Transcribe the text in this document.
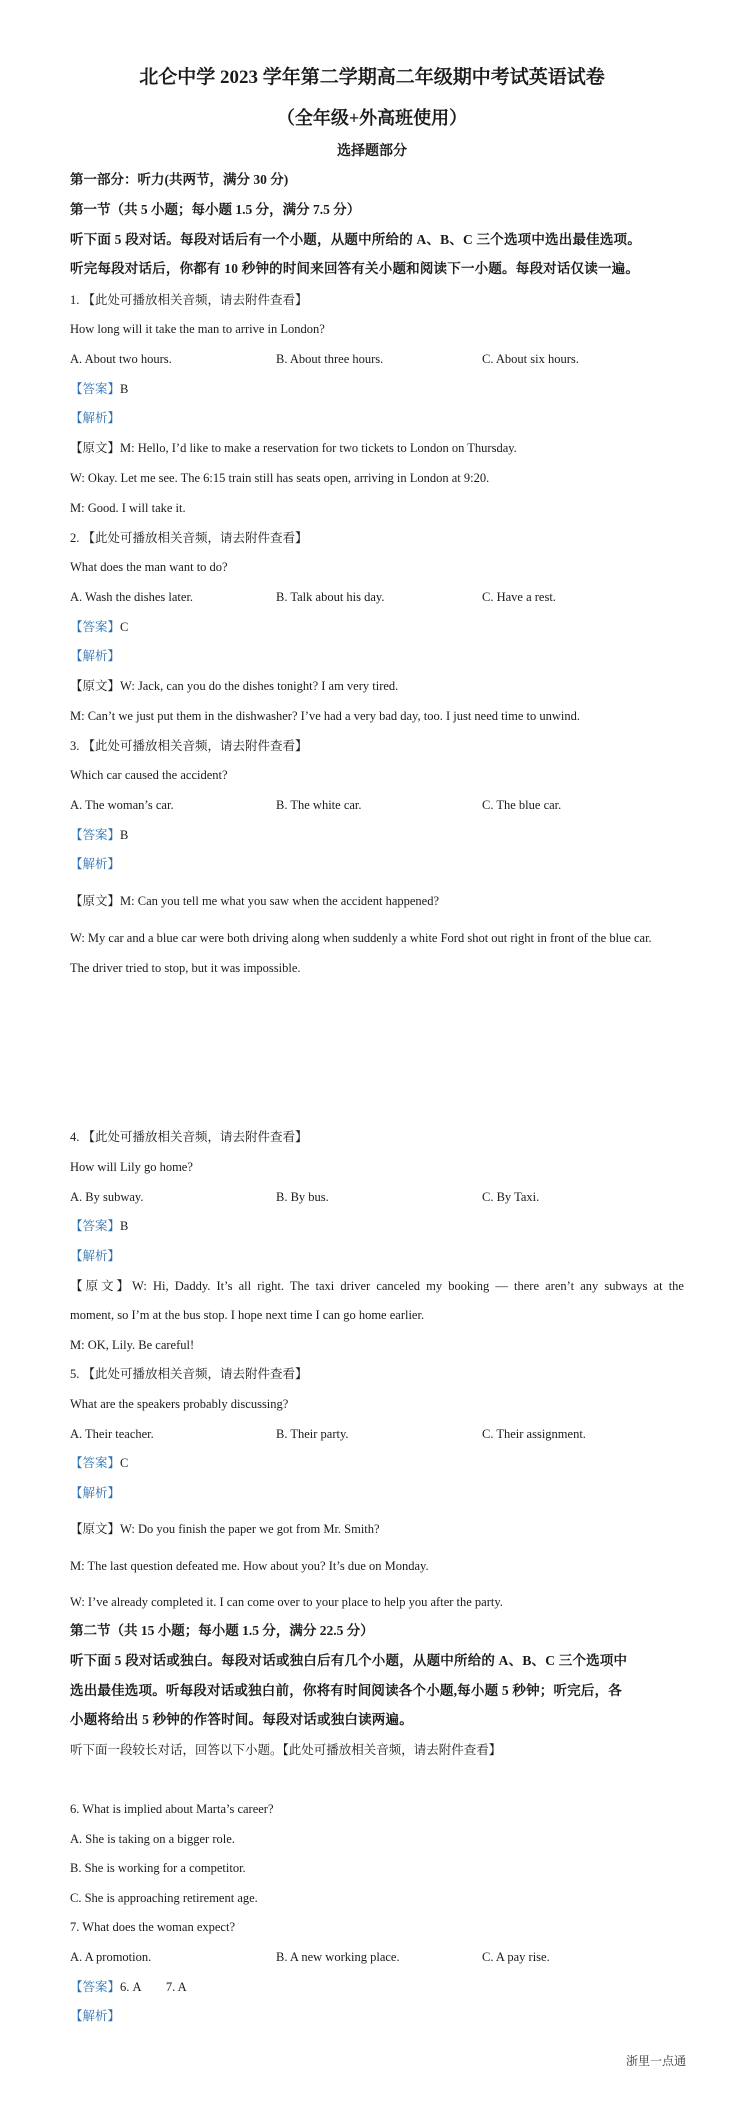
北仑中学 2023 学年第二学期高二年级期中考试英语试卷
（全年级+外高班使用）
选择题部分
第一部分：听力(共两节，满分 30 分)
第一节（共 5 小题；每小题 1.5 分，满分 7.5 分）
听下面 5 段对话。每段对话后有一个小题，从题中所给的 A、B、C 三个选项中选出最佳选项。
听完每段对话后，你都有 10 秒钟的时间来回答有关小题和阅读下一小题。每段对话仅读一遍。
1. 【此处可播放相关音频，请去附件查看】
How long will it take the man to arrive in London?
A. About two hours.	B. About three hours.	C. About six hours.
【答案】B
【解析】
【原文】M: Hello, I’d like to make a reservation for two tickets to London on Thursday.
W: Okay. Let me see. The 6:15 train still has seats open, arriving in London at 9:20.
M: Good. I will take it.
2. 【此处可播放相关音频，请去附件查看】
What does the man want to do?
A. Wash the dishes later.	B. Talk about his day.	C. Have a rest.
【答案】C
【解析】
【原文】W: Jack, can you do the dishes tonight? I am very tired.
M: Can’t we just put them in the dishwasher? I’ve had a very bad day, too. I just need time to unwind.
3. 【此处可播放相关音频，请去附件查看】
Which car caused the accident?
A. The woman’s car.	B. The white car.	C. The blue car.
【答案】B
【解析】
【原文】M: Can you tell me what you saw when the accident happened?
W: My car and a blue car were both driving along when suddenly a white Ford shot out right in front of the blue car.
The driver tried to stop, but it was impossible.
4. 【此处可播放相关音频，请去附件查看】
How will Lily go home?
A. By subway.	B. By bus.	C. By Taxi.
【答案】B
【解析】
【原文】W: Hi, Daddy. It’s all right. The taxi driver canceled my booking — there aren’t any subways at the
moment, so I’m at the bus stop. I hope next time I can go home earlier.
M: OK, Lily. Be careful!
5. 【此处可播放相关音频，请去附件查看】
What are the speakers probably discussing?
A. Their teacher.	B. Their party.	C. Their assignment.
【答案】C
【解析】
【原文】W: Do you finish the paper we got from Mr. Smith?
M: The last question defeated me. How about you? It’s due on Monday.
W: I’ve already completed it. I can come over to your place to help you after the party.
第二节（共 15 小题；每小题 1.5 分，满分 22.5 分）
听下面 5 段对话或独白。每段对话或独白后有几个小题，从题中所给的 A、B、C 三个选项中
选出最佳选项。听每段对话或独白前，你将有时间阅读各个小题,每小题 5 秒钟；听完后，各
小题将给出 5 秒钟的作答时间。每段对话或独白读两遍。
听下面一段较长对话，回答以下小题。【此处可播放相关音频，请去附件查看】
6. What is implied about Marta’s career?
A. She is taking on a bigger role.
B. She is working for a competitor.
C. She is approaching retirement age.
7. What does the woman expect?
A. A promotion.	B. A new working place.	C. A pay rise.
【答案】6. A        7. A
【解析】
浙里一点通
